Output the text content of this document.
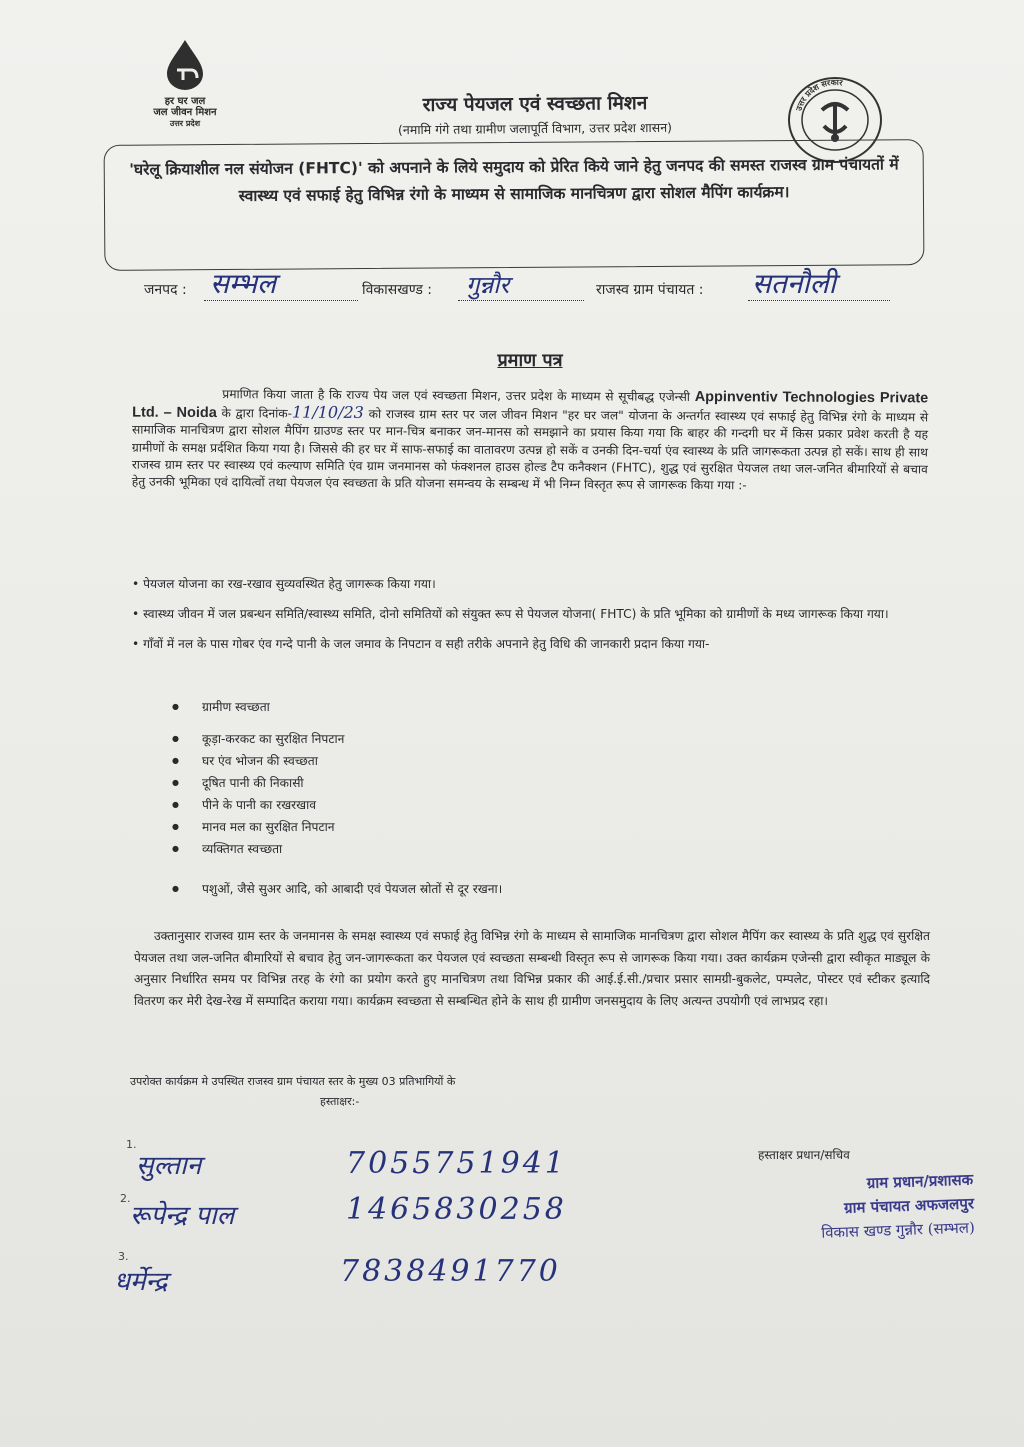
हर घर जल
जल जीवन मिशन
उत्तर प्रदेश
उत्तर प्रदेश सरकार
राज्य पेयजल एवं स्वच्छता मिशन
(नमामि गंगे तथा ग्रामीण जलापूर्ति विभाग, उत्तर प्रदेश शासन)
'घरेलू क्रियाशील नल संयोजन (FHTC)' को अपनाने के लिये समुदाय को प्रेरित किये जाने हेतु जनपद की समस्त राजस्व ग्राम पंचायतों में स्वास्थ्य एवं सफाई हेतु विभिन्न रंगो के माध्यम से सामाजिक मानचित्रण द्वारा सोशल मैपिंग कार्यक्रम।
जनपद : सम्भल	विकासखण्ड : गुन्नौर	राजस्व ग्राम पंचायत : सतनौली
प्रमाण पत्र
प्रमाणित किया जाता है कि राज्य पेय जल एवं स्वच्छता मिशन, उत्तर प्रदेश के माध्यम से सूचीबद्ध एजेन्सी Appinventiv Technologies Private Ltd. – Noida के द्वारा दिनांक-11/10/23 को राजस्व ग्राम स्तर पर जल जीवन मिशन "हर घर जल" योजना के अन्तर्गत स्वास्थ्य एवं सफाई हेतु विभिन्न रंगो के माध्यम से सामाजिक मानचित्रण द्वारा सोशल मैपिंग ग्राउण्ड स्तर पर मान-चित्र बनाकर जन-मानस को समझाने का प्रयास किया गया कि बाहर की गन्दगी घर में किस प्रकार प्रवेश करती है यह ग्रामीणों के समक्ष प्रर्दशित किया गया है। जिससे की हर घर में साफ-सफाई का वातावरण उत्पन्न हो सकें व उनकी दिन-चर्या एंव स्वास्थ्य के प्रति जागरूकता उत्पन्न हो सकें। साथ ही साथ राजस्व ग्राम स्तर पर स्वास्थ्य एवं कल्याण समिति एंव ग्राम जनमानस को फंक्शनल हाउस होल्ड टैप कनैक्शन (FHTC), शुद्ध एवं सुरक्षित पेयजल तथा जल-जनित बीमारियों से बचाव हेतु उनकी भूमिका एवं दायित्वों तथा पेयजल एंव स्वच्छता के प्रति योजना समन्वय के सम्बन्ध में भी निम्न विस्तृत रूप से जागरूक किया गया :-
• पेयजल योजना का रख-रखाव सुव्यवस्थित हेतु जागरूक किया गया।
• स्वास्थ्य जीवन में जल प्रबन्धन समिति/स्वास्थ्य समिति, दोनो समितियों को संयुक्त रूप से पेयजल योजना( FHTC) के प्रति भूमिका को ग्रामीणों के मध्य जागरूक किया गया।
• गाँवों में नल के पास गोबर एंव गन्दे पानी के जल जमाव के निपटान व सही तरीके अपनाने हेतु विधि की जानकारी प्रदान किया गया-
● ग्रामीण स्वच्छता
● कूड़ा-करकट का सुरक्षित निपटान
● घर एंव भोजन की स्वच्छता
● दूषित पानी की निकासी
● पीने के पानी का रखरखाव
● मानव मल का सुरक्षित निपटान
● व्यक्तिगत स्वच्छता
● पशुओं, जैसे सुअर आदि, को आबादी एवं पेयजल स्रोतों से दूर रखना।
उक्तानुसार राजस्व ग्राम स्तर के जनमानस के समक्ष स्वास्थ्य एवं सफाई हेतु विभिन्न रंगो के माध्यम से सामाजिक मानचित्रण द्वारा सोशल मैपिंग कर स्वास्थ्य के प्रति शुद्ध एवं सुरक्षित पेयजल तथा जल-जनित बीमारियों से बचाव हेतु जन-जागरूकता कर पेयजल एवं स्वच्छता सम्बन्धी विस्तृत रूप से जागरूक किया गया। उक्त कार्यक्रम एजेन्सी द्वारा स्वीकृत माड्यूल के अनुसार निर्धारित समय पर विभिन्न तरह के रंगो का प्रयोग करते हुए मानचित्रण तथा विभिन्न प्रकार की आई.ई.सी./प्रचार प्रसार सामग्री-बुकलेट, पम्पलेट, पोस्टर एवं स्टीकर इत्यादि वितरण कर मेरी देख-रेख में सम्पादित कराया गया। कार्यक्रम स्वच्छता से सम्बन्धित होने के साथ ही ग्रामीण जनसमुदाय के लिए अत्यन्त उपयोगी एवं लाभप्रद रहा।
उपरोक्त कार्यक्रम मे उपस्थित राजस्व ग्राम पंचायत स्तर के मुख्य 03 प्रतिभागियों के
हस्ताक्षर:-
1.
सुल्तान	7055751941
2.
रूपेन्द्र पाल	1465830258
3.
धर्मेन्द्र	7838491770
हस्ताक्षर प्रधान/सचिव
ग्राम प्रधान/प्रशासक
ग्राम पंचायत अफजलपुर
विकास खण्ड गुन्नौर (सम्भल)
